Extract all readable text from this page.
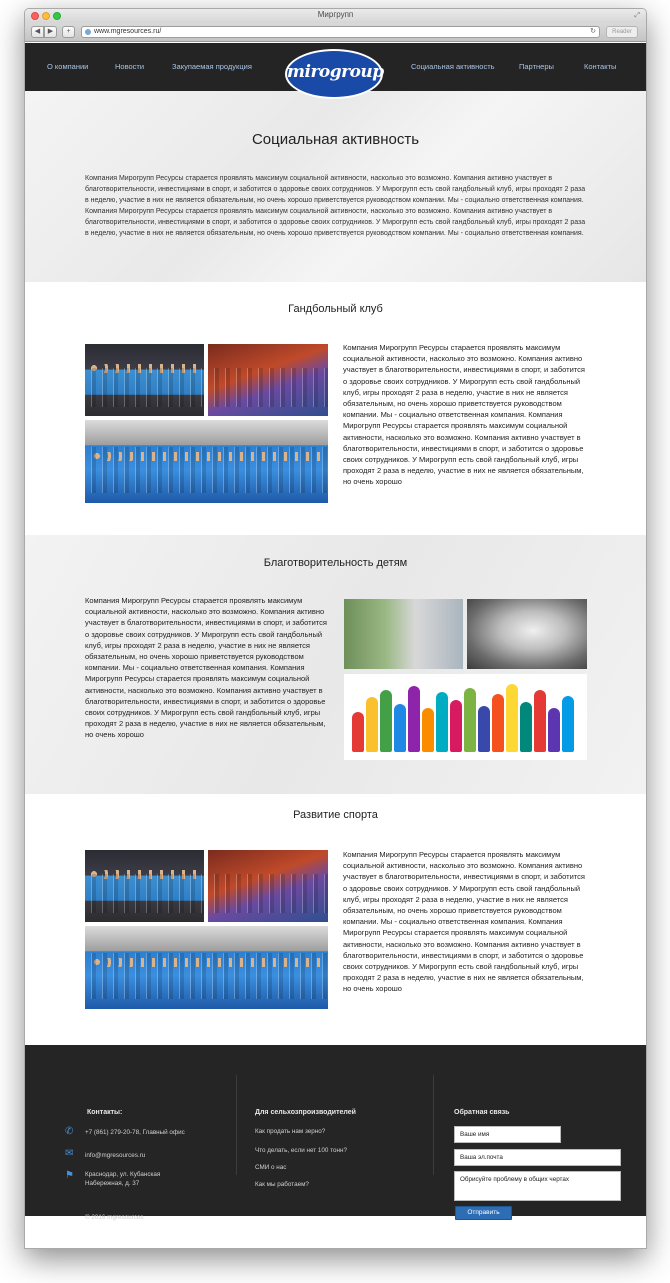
Миргрупп	⤢
◀	▶	+	www.mgresources.ru/	↻	Reader
О компании	Новости	Закупаемая продукция	Социальная активность	Партнеры	Контакты
mirogroup
Социальная активность

Компания Мирогрупп Ресурсы старается проявлять максимум социальной активности, насколько это возможно. Компания активно участвует в благотворительности, инвестициями в спорт, и заботится о здоровье своих сотрудников. У Мирогрупп есть свой гандбольный клуб, игры проходят 2 раза в неделю, участие в них не является обязательным, но очень хорошо приветствуется руководством компании. Мы - социально ответственная компания. Компания Мирогрупп Ресурсы старается проявлять максимум социальной активности, насколько это возможно. Компания активно участвует в благотворительности, инвестициями в спорт, и заботится о здоровье своих сотрудников. У Мирогрупп есть свой гандбольный клуб, игры проходят 2 раза в неделю, участие в них не является обязательным, но очень хорошо приветствуется руководством компании. Мы - социально ответственная компания.

Гандбольный клуб
Компания Мирогрупп Ресурсы старается проявлять максимум социальной активности, насколько это возможно. Компания активно участвует в благотворительности, инвестициями в спорт, и заботится о здоровье своих сотрудников. У Мирогрупп есть свой гандбольный клуб, игры проходят 2 раза в неделю, участие в них не является обязательным, но очень хорошо приветствуется руководством компании. Мы - социально ответственная компания. Компания Мирогрупп Ресурсы старается проявлять максимум социальной активности, насколько это возможно. Компания активно участвует в благотворительности, инвестициями в спорт, и заботится о здоровье своих сотрудников. У Мирогрупп есть свой гандбольный клуб, игры проходят 2 раза в неделю, участие в них не является обязательным, но очень хорошо
Благотворительность детям
Компания Мирогрупп Ресурсы старается проявлять максимум социальной активности, насколько это возможно. Компания активно участвует в благотворительности, инвестициями в спорт, и заботится о здоровье своих сотрудников. У Мирогрупп есть свой гандбольный клуб, игры проходят 2 раза в неделю, участие в них не является обязательным, но очень хорошо приветствуется руководством компании. Мы - социально ответственная компания. Компания Мирогрупп Ресурсы старается проявлять максимум социальной активности, насколько это возможно. Компания активно участвует в благотворительности, инвестициями в спорт, и заботится о здоровье своих сотрудников. У Мирогрупп есть свой гандбольный клуб, игры проходят 2 раза в неделю, участие в них не является обязательным, но очень хорошо
Развитие спорта
Компания Мирогрупп Ресурсы старается проявлять максимум социальной активности, насколько это возможно. Компания активно участвует в благотворительности, инвестициями в спорт, и заботится о здоровье своих сотрудников. У Мирогрупп есть свой гандбольный клуб, игры проходят 2 раза в неделю, участие в них не является обязательным, но очень хорошо приветствуется руководством компании. Мы - социально ответственная компания. Компания Мирогрупп Ресурсы старается проявлять максимум социальной активности, насколько это возможно. Компания активно участвует в благотворительности, инвестициями в спорт, и заботится о здоровье своих сотрудников. У Мирогрупп есть свой гандбольный клуб, игры проходят 2 раза в неделю, участие в них не является обязательным, но очень хорошо
Контакты:
✆ +7 (861) 279-20-78, Главный офис
✉ info@mgresources.ru
⚑ Краснодар, ул. Кубанская
Набережная, д. 37
Для сельхозпроизводителей
Как продать нам зерно?
Что делать, если нет 100 тонн?
СМИ о нас
Как мы работаем?
Обратная связь
Ваше имя
Ваша эл.почта
Отправить
© 2016 mgresources
Обрисуйте проблему в общих чертах
